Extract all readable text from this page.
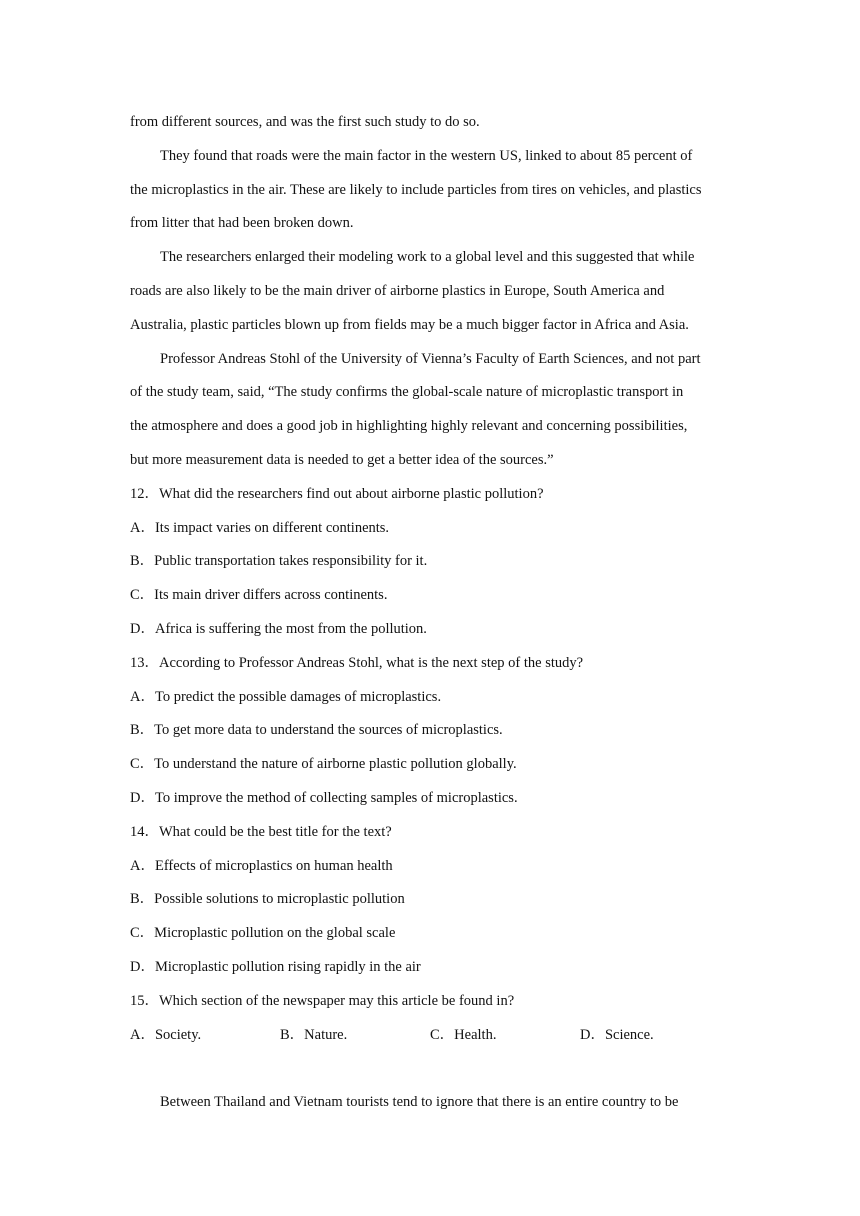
from different sources, and was the first such study to do so.
They found that roads were the main factor in the western US, linked to about 85 percent of
the microplastics in the air. These are likely to include particles from tires on vehicles, and plastics
from litter that had been broken down.
The researchers enlarged their modeling work to a global level and this suggested that while
roads are also likely to be the main driver of airborne plastics in Europe, South America and
Australia, plastic particles blown up from fields may be a much bigger factor in Africa and Asia.
Professor Andreas Stohl of the University of Vienna’s Faculty of Earth Sciences, and not part
of the study team, said, “The study confirms the global-scale nature of microplastic transport in
the atmosphere and does a good job in highlighting highly relevant and concerning possibilities,
but more measurement data is needed to get a better idea of the sources.”
12．What did the researchers find out about airborne plastic pollution?
A．Its impact varies on different continents.
B．Public transportation takes responsibility for it.
C．Its main driver differs across continents.
D．Africa is suffering the most from the pollution.
13．According to Professor Andreas Stohl, what is the next step of the study?
A．To predict the possible damages of microplastics.
B．To get more data to understand the sources of microplastics.
C．To understand the nature of airborne plastic pollution globally.
D．To improve the method of collecting samples of microplastics.
14．What could be the best title for the text?
A．Effects of microplastics on human health
B．Possible solutions to microplastic pollution
C．Microplastic pollution on the global scale
D．Microplastic pollution rising rapidly in the air
15．Which section of the newspaper may this article be found in?
A．Society.	B．Nature.	C．Health.	D．Science.
Between Thailand and Vietnam tourists tend to ignore that there is an entire country to be
